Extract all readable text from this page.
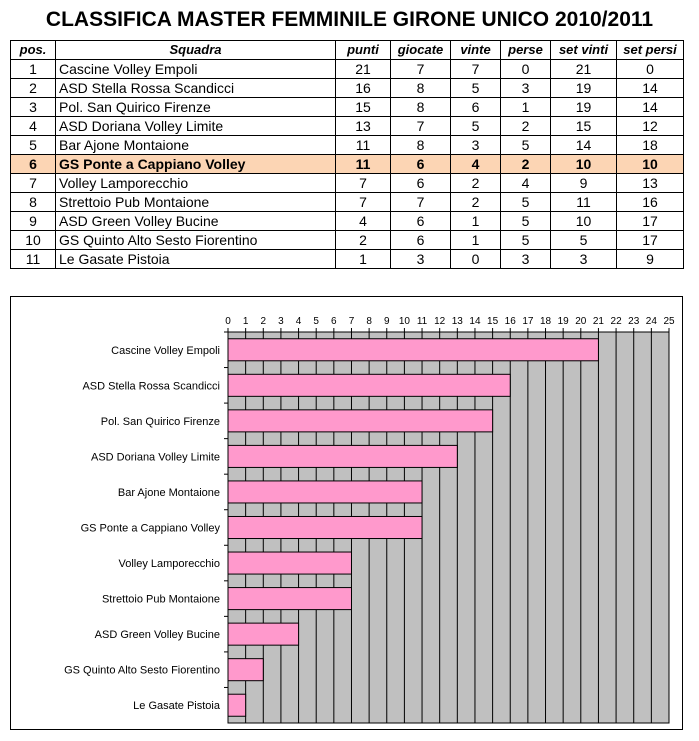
CLASSIFICA MASTER FEMMINILE GIRONE UNICO 2010/2011
pos.	Squadra	punti	giocate	vinte	perse	set vinti	set persi
1	Cascine Volley Empoli	21	7	7	0	21	0
2	ASD Stella Rossa Scandicci	16	8	5	3	19	14
3	Pol. San Quirico Firenze	15	8	6	1	19	14
4	ASD Doriana Volley Limite	13	7	5	2	15	12
5	Bar Ajone Montaione	11	8	3	5	14	18
6	GS Ponte a Cappiano Volley	11	6	4	2	10	10
7	Volley Lamporecchio	7	6	2	4	9	13
8	Strettoio Pub Montaione	7	7	2	5	11	16
9	ASD Green Volley Bucine	4	6	1	5	10	17
10	GS Quinto Alto Sesto Fiorentino	2	6	1	5	5	17
11	Le Gasate Pistoia	1	3	0	3	3	9
0 1 2 3 4 5 6 7 8 9 10 11 12 13 14 15 16 17 18 19 20 21 22 23 24 25
Cascine Volley Empoli
ASD Stella Rossa Scandicci
Pol. San Quirico Firenze
ASD Doriana Volley Limite
Bar Ajone Montaione
GS Ponte a Cappiano Volley
Volley Lamporecchio
Strettoio Pub Montaione
ASD Green Volley Bucine
GS Quinto Alto Sesto Fiorentino
Le Gasate Pistoia
